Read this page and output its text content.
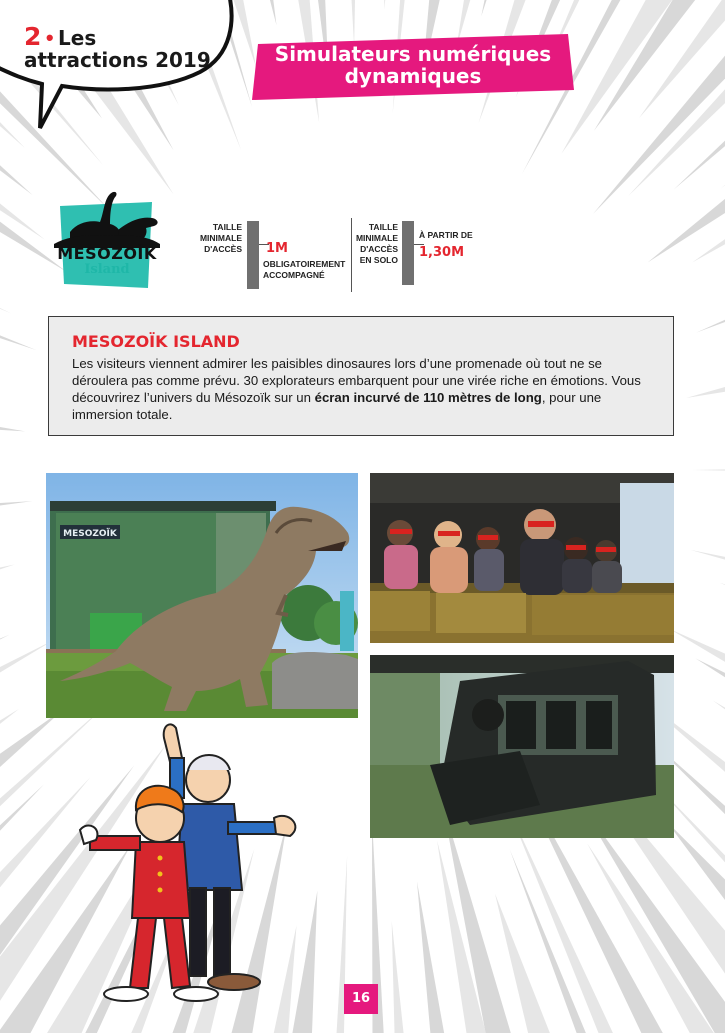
2 • Les
attractions 2019	Simulateurs numériques
dynamiques
MESOZOÏK
Island
TAILLE
MINIMALE
D'ACCÈS 1M
OBLIGATOIREMENT
ACCOMPAGNÉ
TAILLE
MINIMALE
D'ACCÈS
EN SOLO
À PARTIR DE
1,30M
MESOZOÏK ISLAND

Les visiteurs viennent admirer les paisibles dinosaures lors d’une promenade où tout ne se déroulera pas comme prévu. 30 explorateurs embarquent pour une virée riche en émotions. Vous découvrirez l’univers du Mésozoïk sur un écran incurvé de 110 mètres de long, pour une immersion totale.

MESOZOÏK
16
